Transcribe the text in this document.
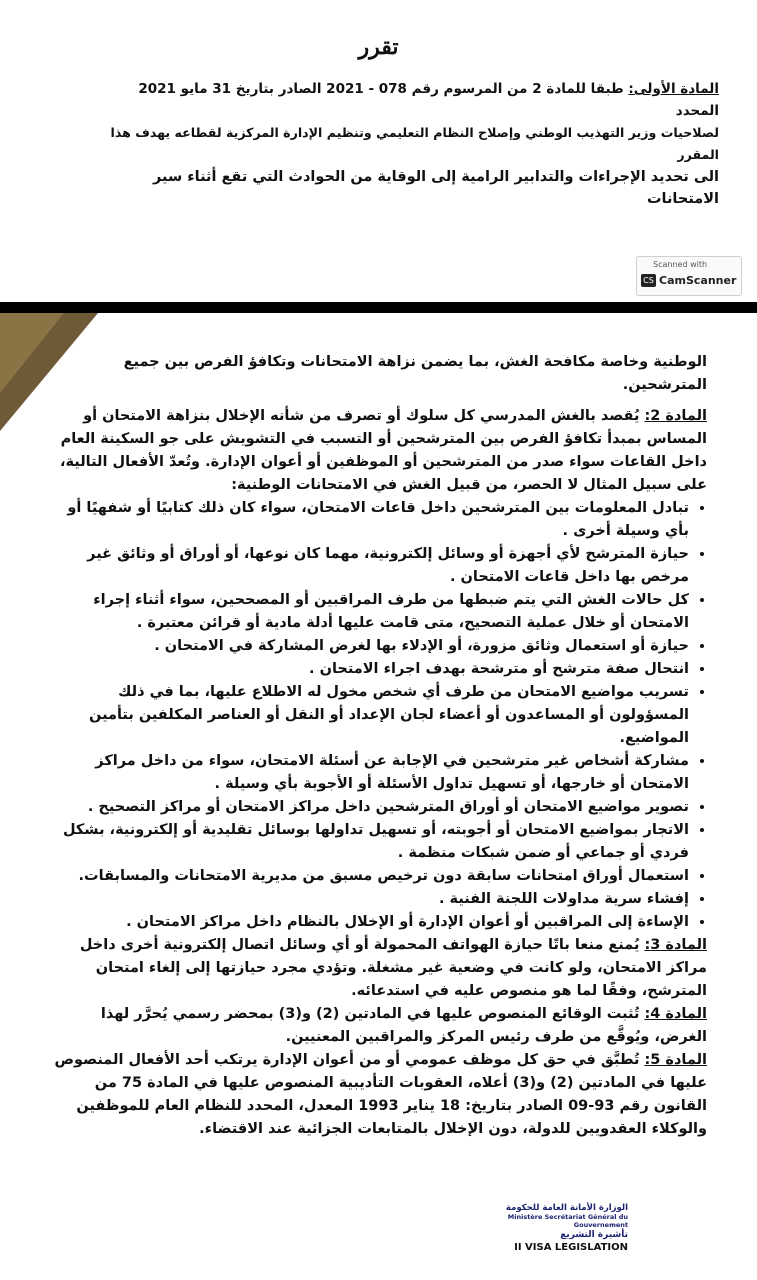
تقرر

المادة الأولى: طبقا للمادة 2 من المرسوم رقم 078 - 2021 الصادر بتاريخ 31 مايو 2021 المحدد

لصلاحيات وزير التهذيب الوطني وإصلاح النظام التعليمي وتنظيم الإدارة المركزية لقطاعه يهدف هذا المقرر

الى تحديد الإجراءات والتدابير الرامية إلى الوقاية من الحوادث التي تقع أثناء سير الامتحانات

Scanned with
CS CamScanner

الوطنية وخاصة مكافحة الغش، بما يضمن نزاهة الامتحانات وتكافؤ الفرص بين جميع

المترشحين.

المادة 2: يُقصد بالغش المدرسي كل سلوك أو تصرف من شأنه الإخلال بنزاهة الامتحان أو المساس بمبدأ تكافؤ الفرص بين المترشحين أو التسبب في التشويش على جو السكينة العام داخل القاعات سواء صدر من المترشحين أو الموظفين أو أعوان الإدارة. وتُعدّ الأفعال التالية، على سبيل المثال لا الحصر، من قبيل الغش في الامتحانات الوطنية:

• تبادل المعلومات بين المترشحين داخل قاعات الامتحان، سواء كان ذلك كتابيًا أو شفهيًا أو بأي وسيلة أخرى .
• حيازة المترشح لأي أجهزة أو وسائل إلكترونية، مهما كان نوعها، أو أوراق أو وثائق غير مرخص بها داخل قاعات الامتحان .
• كل حالات الغش التي يتم ضبطها من طرف المراقبين أو المصححين، سواء أثناء إجراء الامتحان أو خلال عملية التصحيح، متى قامت عليها أدلة مادية أو قرائن معتبرة .
• حيازة أو استعمال وثائق مزورة، أو الإدلاء بها لغرض المشاركة في الامتحان .
• انتحال صفة مترشح أو مترشحة بهدف اجراء الامتحان .
• تسريب مواضيع الامتحان من طرف أي شخص مخول له الاطلاع عليها، بما في ذلك المسؤولون أو المساعدون أو أعضاء لجان الإعداد أو النقل أو العناصر المكلفين بتأمين المواضيع.
• مشاركة أشخاص غير مترشحين في الإجابة عن أسئلة الامتحان، سواء من داخل مراكز الامتحان أو خارجها، أو تسهيل تداول الأسئلة أو الأجوبة بأي وسيلة .
• تصوير مواضيع الامتحان أو أوراق المترشحين داخل مراكز الامتحان أو مراكز التصحيح .
• الاتجار بمواضيع الامتحان أو أجوبته، أو تسهيل تداولها بوسائل تقليدية أو إلكترونية، بشكل فردي أو جماعي أو ضمن شبكات منظمة .
• استعمال أوراق امتحانات سابقة دون ترخيص مسبق من مديرية الامتحانات والمسابقات.
• إفشاء سرية مداولات اللجنة الفنية .
• الإساءة إلى المراقبين أو أعوان الإدارة أو الإخلال بالنظام داخل مراكز الامتحان .

المادة 3: يُمنع منعا باتًا حيازة الهواتف المحمولة أو أي وسائل اتصال إلكترونية أخرى داخل مراكز الامتحان، ولو كانت في وضعية غير مشغلة. وتؤدي مجرد حيازتها إلى إلغاء امتحان المترشح، وفقًا لما هو منصوص عليه في استدعائه.

المادة 4: تُثبت الوقائع المنصوص عليها في المادتين (2) و(3) بمحضر رسمي يُحرَّر لهذا الغرض، ويُوقَّع من طرف رئيس المركز والمراقبين المعنيين.

المادة 5: تُطبَّق في حق كل موظف عمومي أو من أعوان الإدارة يرتكب أحد الأفعال المنصوص عليها في المادتين (2) و(3) أعلاه، العقوبات التأديبية المنصوص عليها في المادة 75 من القانون رقم 93-09 الصادر بتاريخ: 18 يناير 1993 المعدل، المحدد للنظام العام للموظفين والوكلاء العقدويين للدولة، دون الإخلال بالمتابعات الجزائية عند الاقتضاء.

الوزارة الأمانة العامة للحكومة
Ministère Secrétariat Général du Gouvernement
تأشيرة التشريع
II VISA LEGISLATION
